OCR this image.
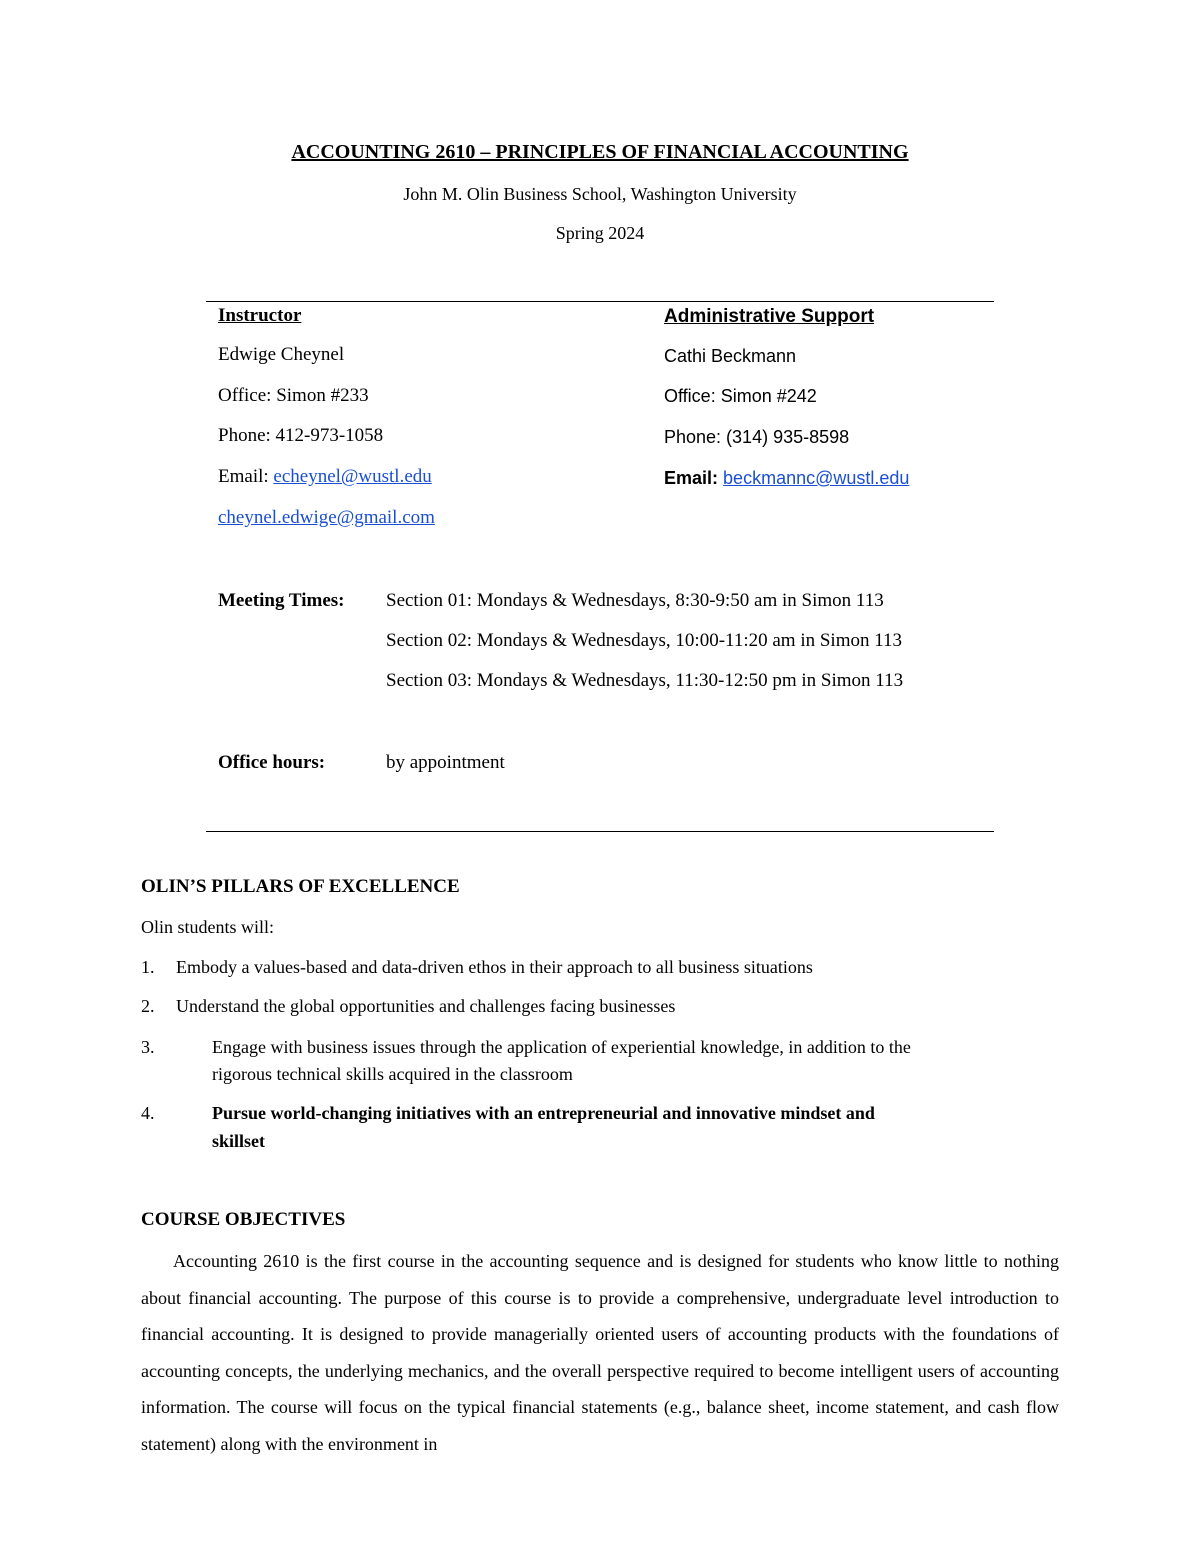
ACCOUNTING 2610 – PRINCIPLES OF FINANCIAL ACCOUNTING
John M. Olin Business School, Washington University
Spring 2024
Instructor
Edwige Cheynel
Office: Simon #233
Phone: 412-973-1058
Email: echeynel@wustl.edu
cheynel.edwige@gmail.com
Administrative Support
Cathi Beckmann
Office: Simon #242
Phone: (314) 935-8598
Email: beckmannc@wustl.edu
Meeting Times: Section 01: Mondays & Wednesdays, 8:30-9:50 am in Simon 113
Section 02: Mondays & Wednesdays, 10:00-11:20 am in Simon 113
Section 03: Mondays & Wednesdays, 11:30-12:50 pm in Simon 113
Office hours:	by appointment
OLIN’S PILLARS OF EXCELLENCE
Olin students will:
1. Embody a values-based and data-driven ethos in their approach to all business situations
2. Understand the global opportunities and challenges facing businesses
3.	Engage with business issues through the application of experiential knowledge, in addition to the
rigorous technical skills acquired in the classroom
4.	Pursue world-changing initiatives with an entrepreneurial and innovative mindset and
skillset
COURSE OBJECTIVES
Accounting 2610 is the first course in the accounting sequence and is designed for students who know little to nothing about financial accounting. The purpose of this course is to provide a comprehensive, undergraduate level introduction to financial accounting. It is designed to provide managerially oriented users of accounting products with the foundations of accounting concepts, the underlying mechanics, and the overall perspective required to become intelligent users of accounting information. The course will focus on the typical financial statements (e.g., balance sheet, income statement, and cash flow statement) along with the environment in
